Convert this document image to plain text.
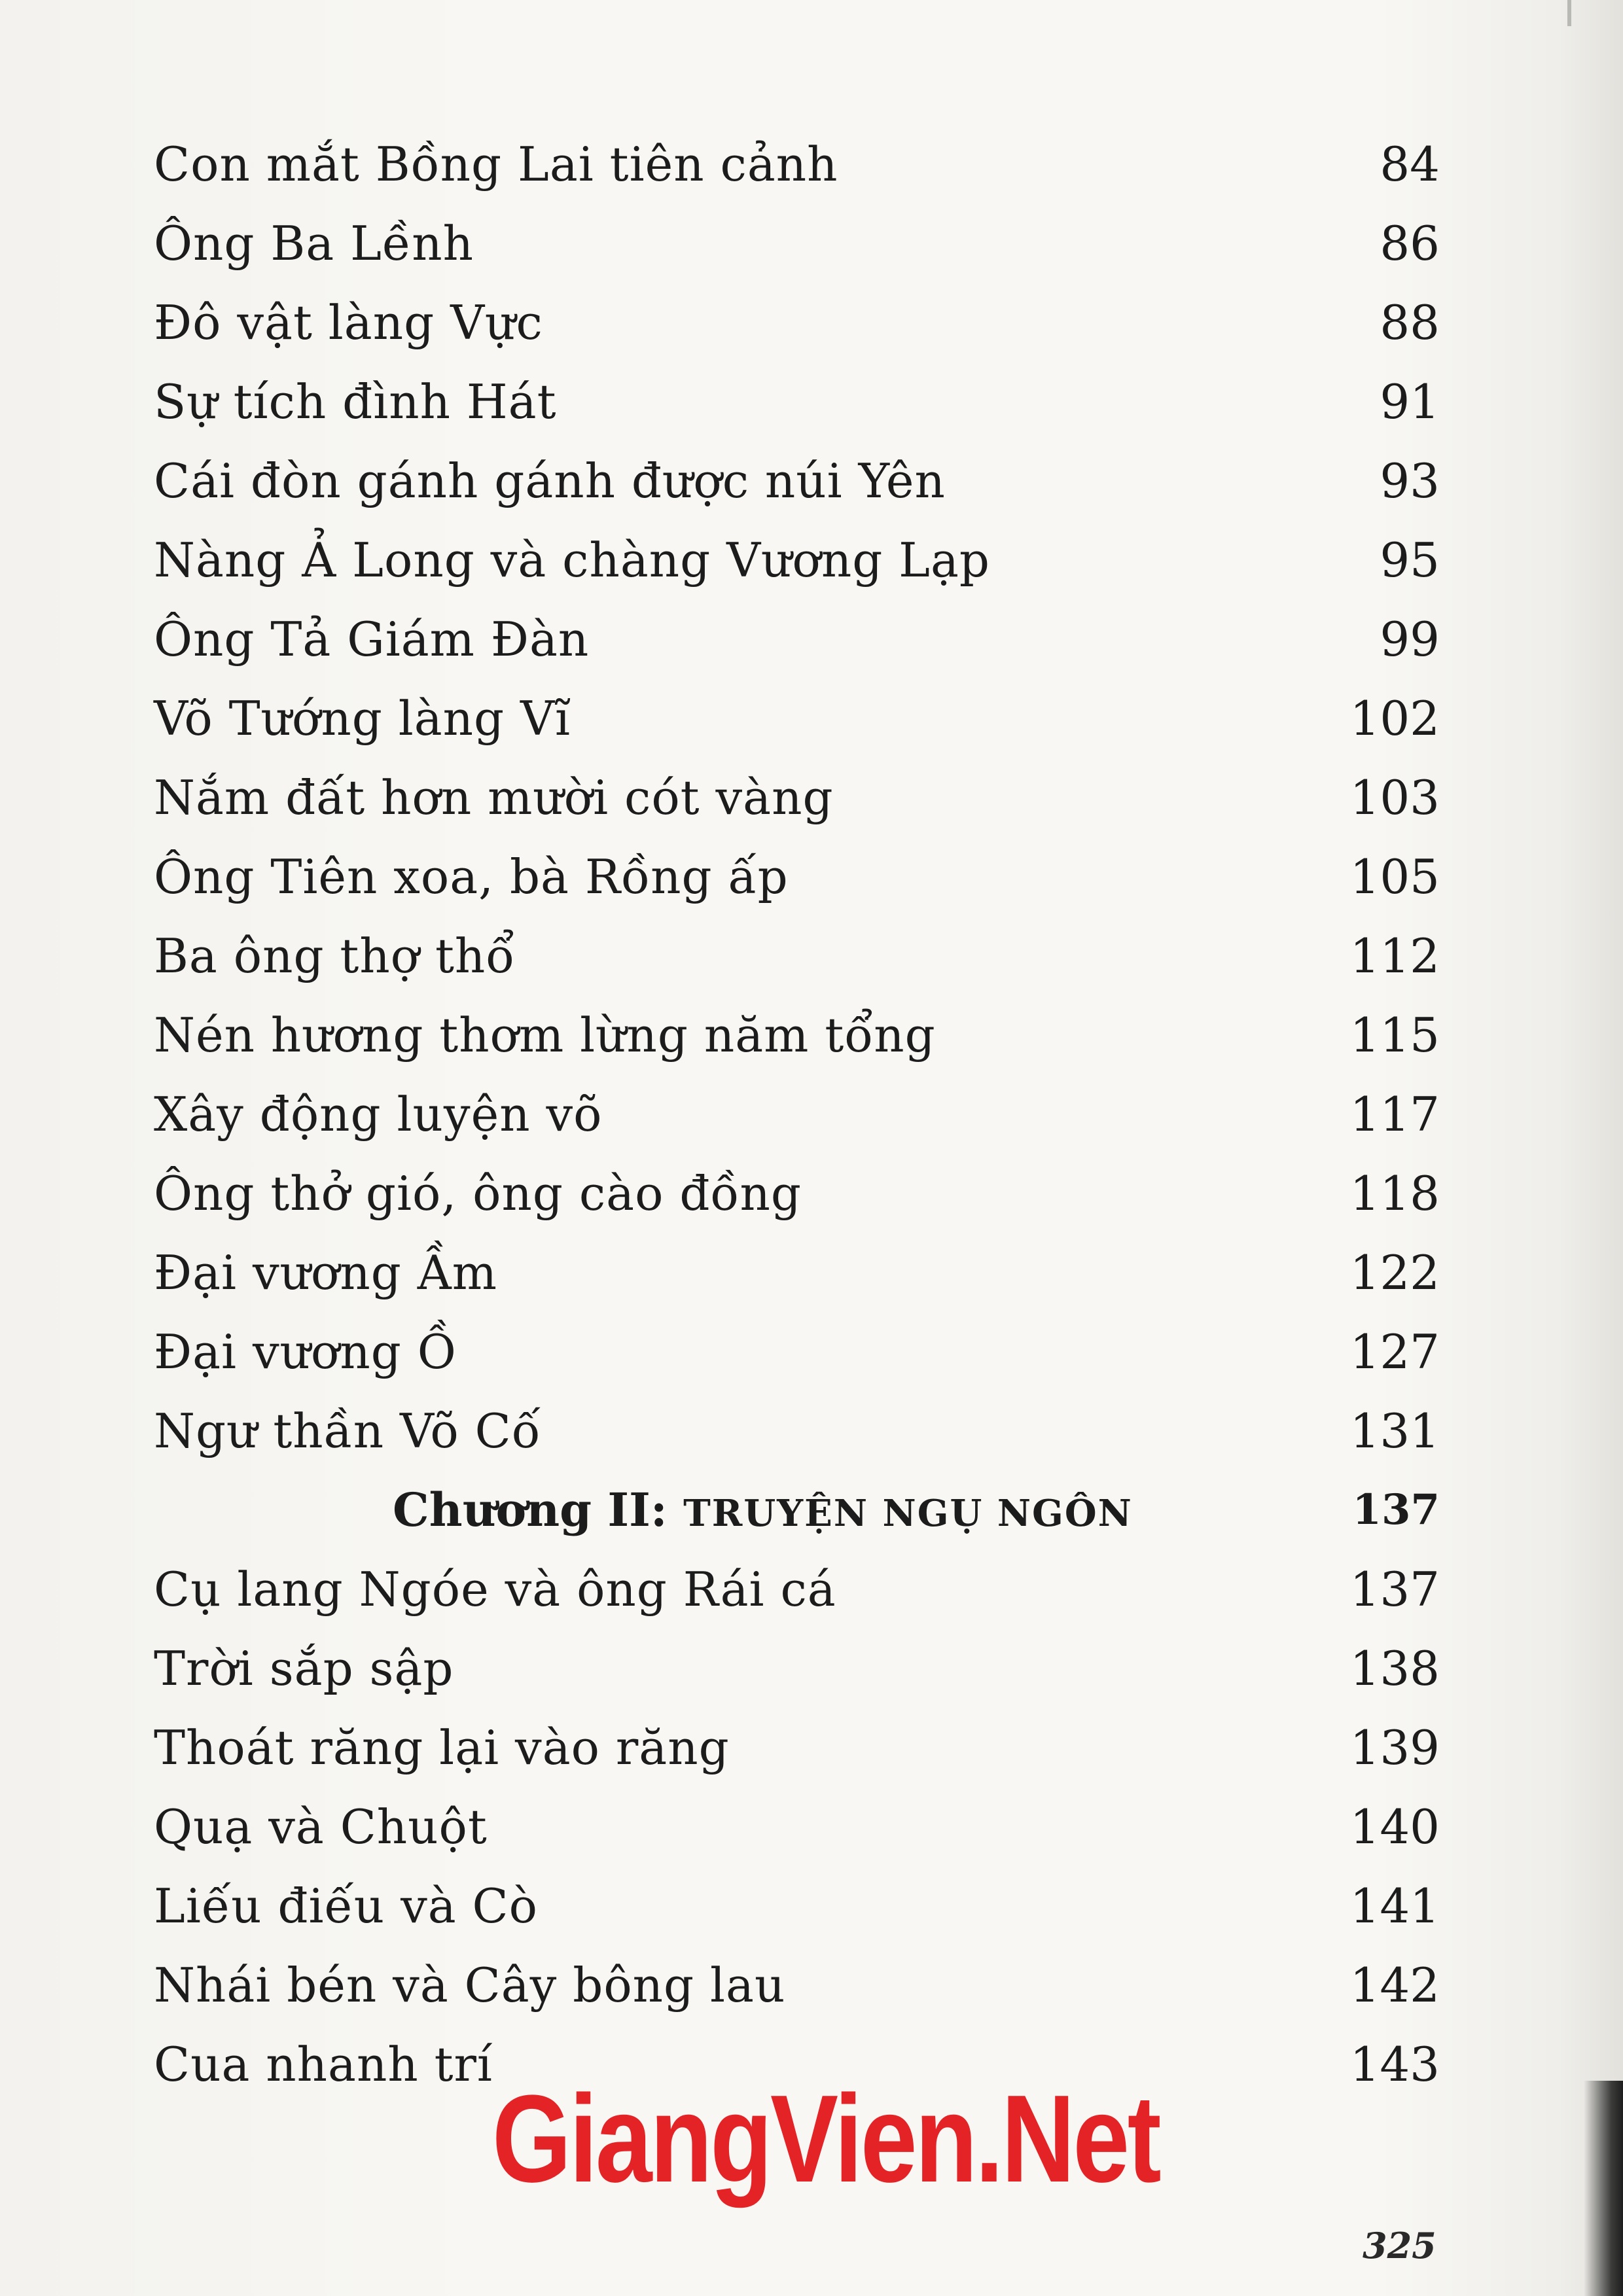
Con mắt Bồng Lai tiên cảnh	84
Ông Ba Lềnh	86
Đô vật làng Vực	88
Sự tích đình Hát	91
Cái đòn gánh gánh được núi Yên	93
Nàng Ả Long và chàng Vương Lạp	95
Ông Tả Giám Đàn	99
Võ Tướng làng Vĩ	102
Nắm đất hơn mười cót vàng	103
Ông Tiên xoa, bà Rồng ấp	105
Ba ông thợ thổ	112
Nén hương thơm lừng năm tổng	115
Xây động luyện võ	117
Ông thở gió, ông cào đồng	118
Đại vương Ầm	122
Đại vương Ồ	127
Ngư thần Võ Cố	131
Chương II: TRUYỆN NGỤ NGÔN	137
Cụ lang Ngóe và ông Rái cá	137
Trời sắp sập	138
Thoát răng lại vào răng	139
Quạ và Chuột	140
Liếu điếu và Cò	141
Nhái bén và Cây bông lau	142
Cua nhanh trí	143
GiangVien.Net
325
